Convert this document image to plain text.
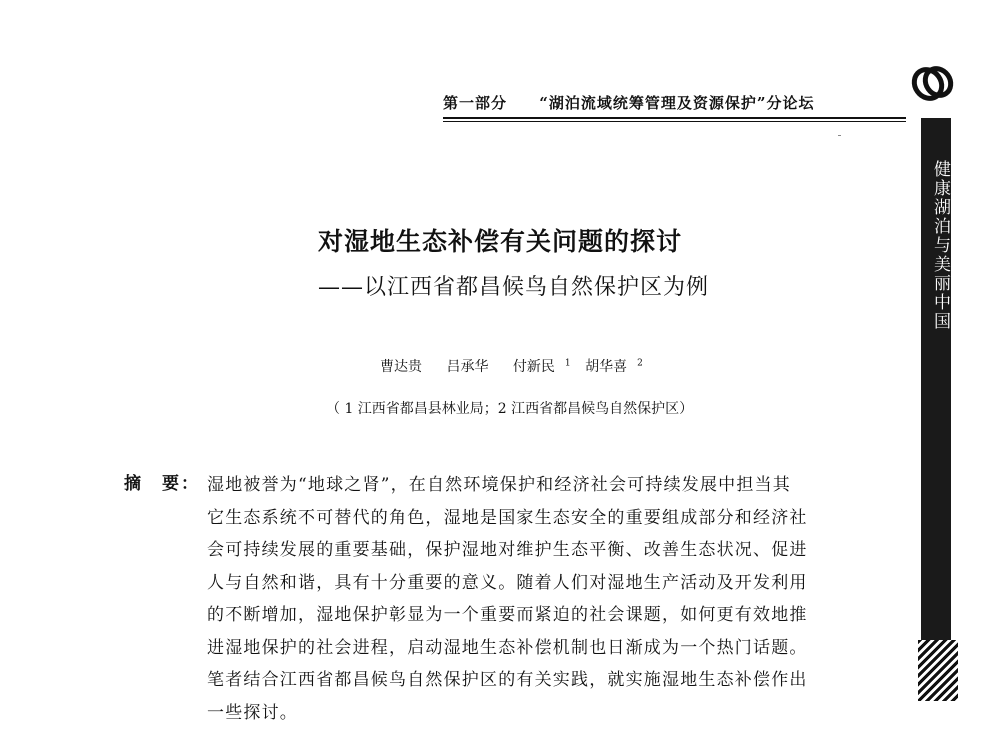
第一部分 “湖泊流域统筹管理及资源保护”分论坛
健康湖泊与美丽中国
对湿地生态补偿有关问题的探讨
——以江西省都昌候鸟自然保护区为例
曹达贵 吕承华 付新民 $^1$ 胡华喜 $^2$
（ 1 江西省都昌县林业局；2 江西省都昌候鸟自然保护区）
摘　要： 湿地被誉为“地球之肾”，在自然环境保护和经济社会可持续发展中担当其
它生态系统不可替代的角色，湿地是国家生态安全的重要组成部分和经济社
会可持续发展的重要基础，保护湿地对维护生态平衡、改善生态状况、促进
人与自然和谐，具有十分重要的意义。随着人们对湿地生产活动及开发利用
的不断增加，湿地保护彰显为一个重要而紧迫的社会课题，如何更有效地推
进湿地保护的社会进程，启动湿地生态补偿机制也日渐成为一个热门话题。
笔者结合江西省都昌候鸟自然保护区的有关实践，就实施湿地生态补偿作出
一些探讨。
